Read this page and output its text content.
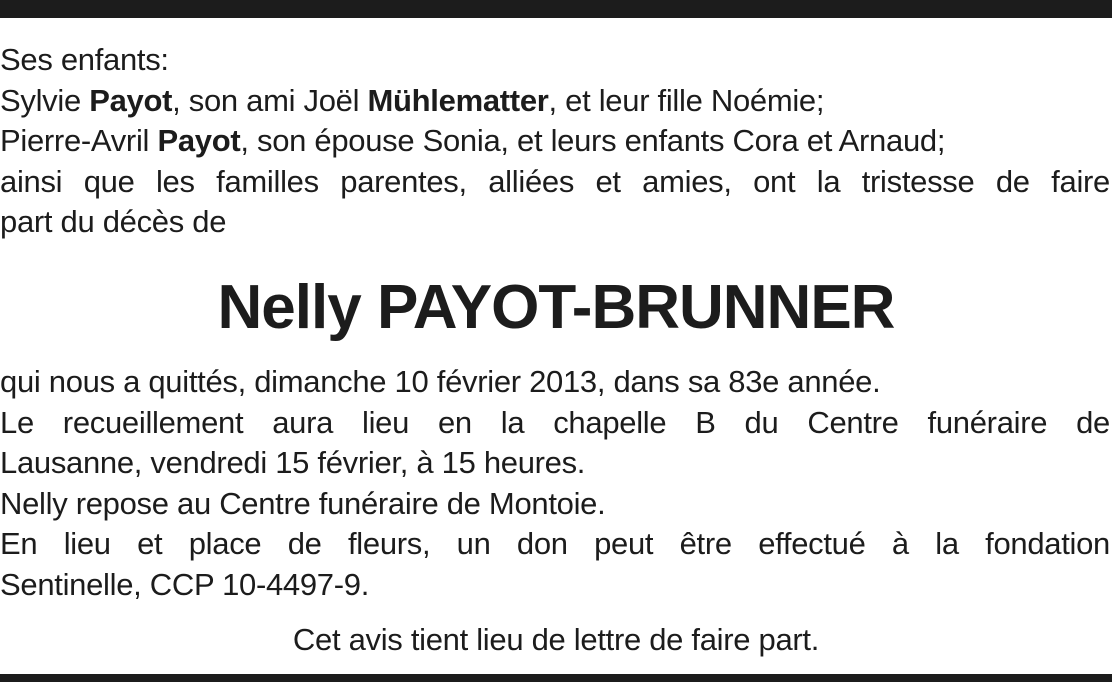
Ses enfants:
Sylvie Payot, son ami Joël Mühlematter, et leur fille Noémie;
Pierre-Avril Payot, son épouse Sonia, et leurs enfants Cora et Arnaud;
ainsi que les familles parentes, alliées et amies, ont la tristesse de faire
part du décès de
Nelly PAYOT-BRUNNER
qui nous a quittés, dimanche 10 février 2013, dans sa 83e année.
Le recueillement aura lieu en la chapelle B du Centre funéraire de
Lausanne, vendredi 15 février, à 15 heures.
Nelly repose au Centre funéraire de Montoie.
En lieu et place de fleurs, un don peut être effectué à la fondation
Sentinelle, CCP 10-4497-9.
Cet avis tient lieu de lettre de faire part.
